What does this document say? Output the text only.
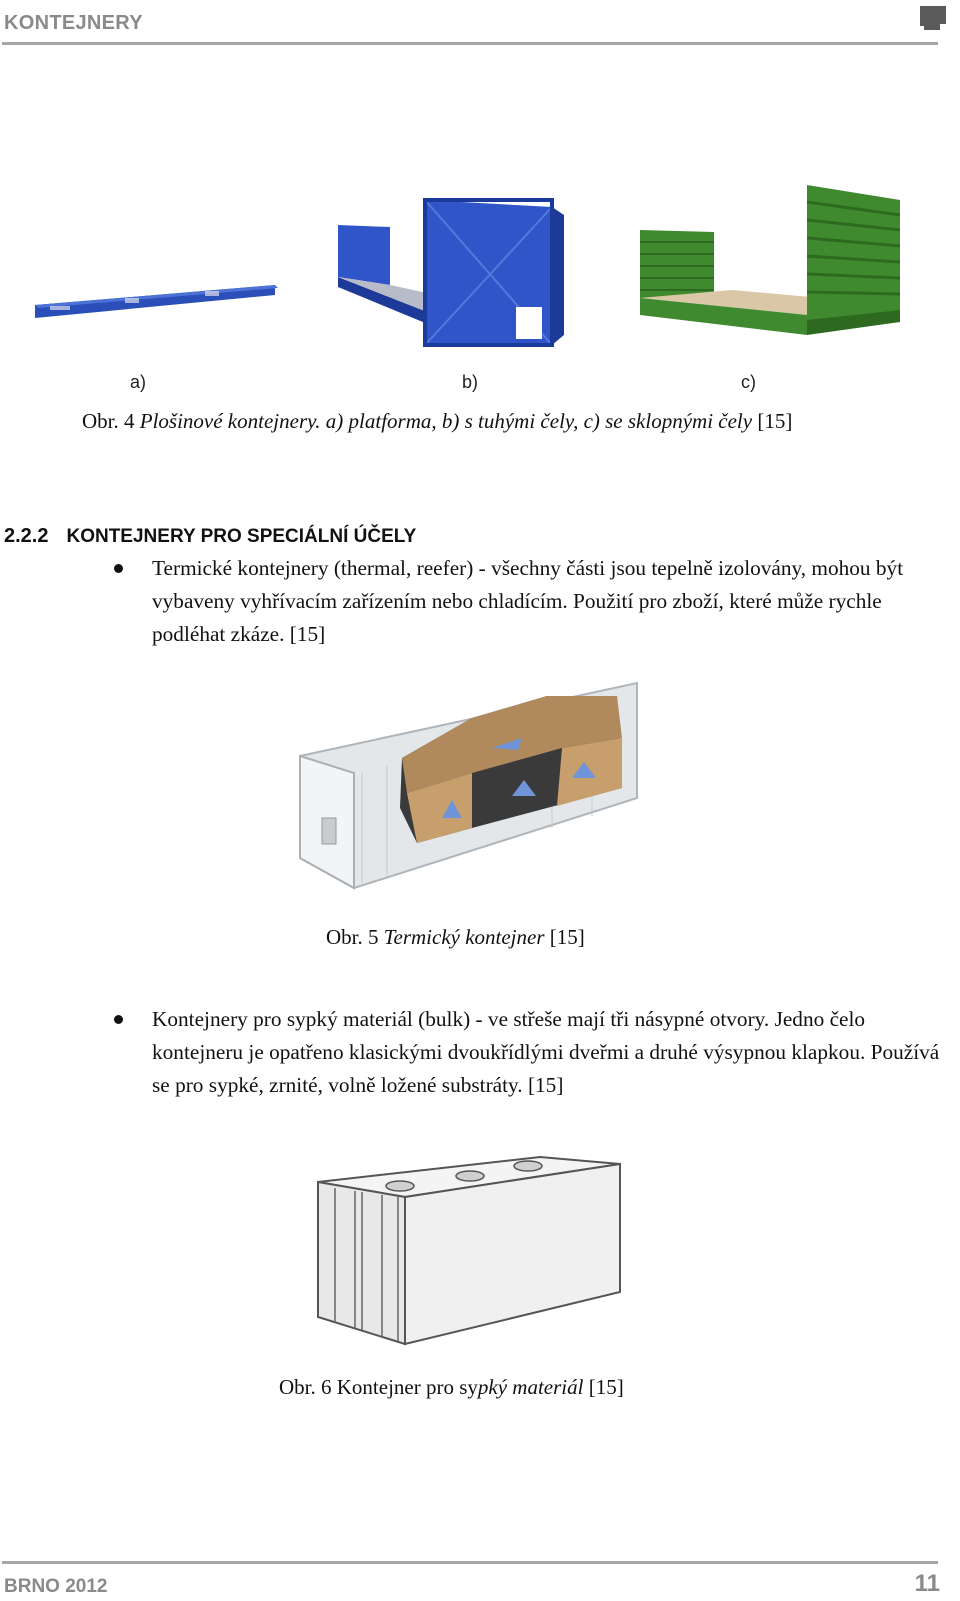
KONTEJNERY
a)	b)	c)
Obr. 4 Plošinové kontejnery. a) platforma, b) s tuhými čely, c) se sklopnými čely [15]
2.2.2 KONTEJNERY PRO SPECIÁLNÍ ÚČELY
Termické kontejnery (thermal, reefer) - všechny části jsou tepelně izolovány, mohou být vybaveny vyhřívacím zařízením nebo chladícím. Použití pro zboží, které může rychle podléhat zkáze. [15]
Obr. 5 Termický kontejner [15]
Kontejnery pro sypký materiál (bulk) - ve střeše mají tři násypné otvory. Jedno čelo kontejneru je opatřeno klasickými dvoukřídlými dveřmi a druhé výsypnou klapkou. Používá se pro sypké, zrnité, volně ložené substráty. [15]
Obr. 6 Kontejner pro sypký materiál [15]
BRNO 2012	11
